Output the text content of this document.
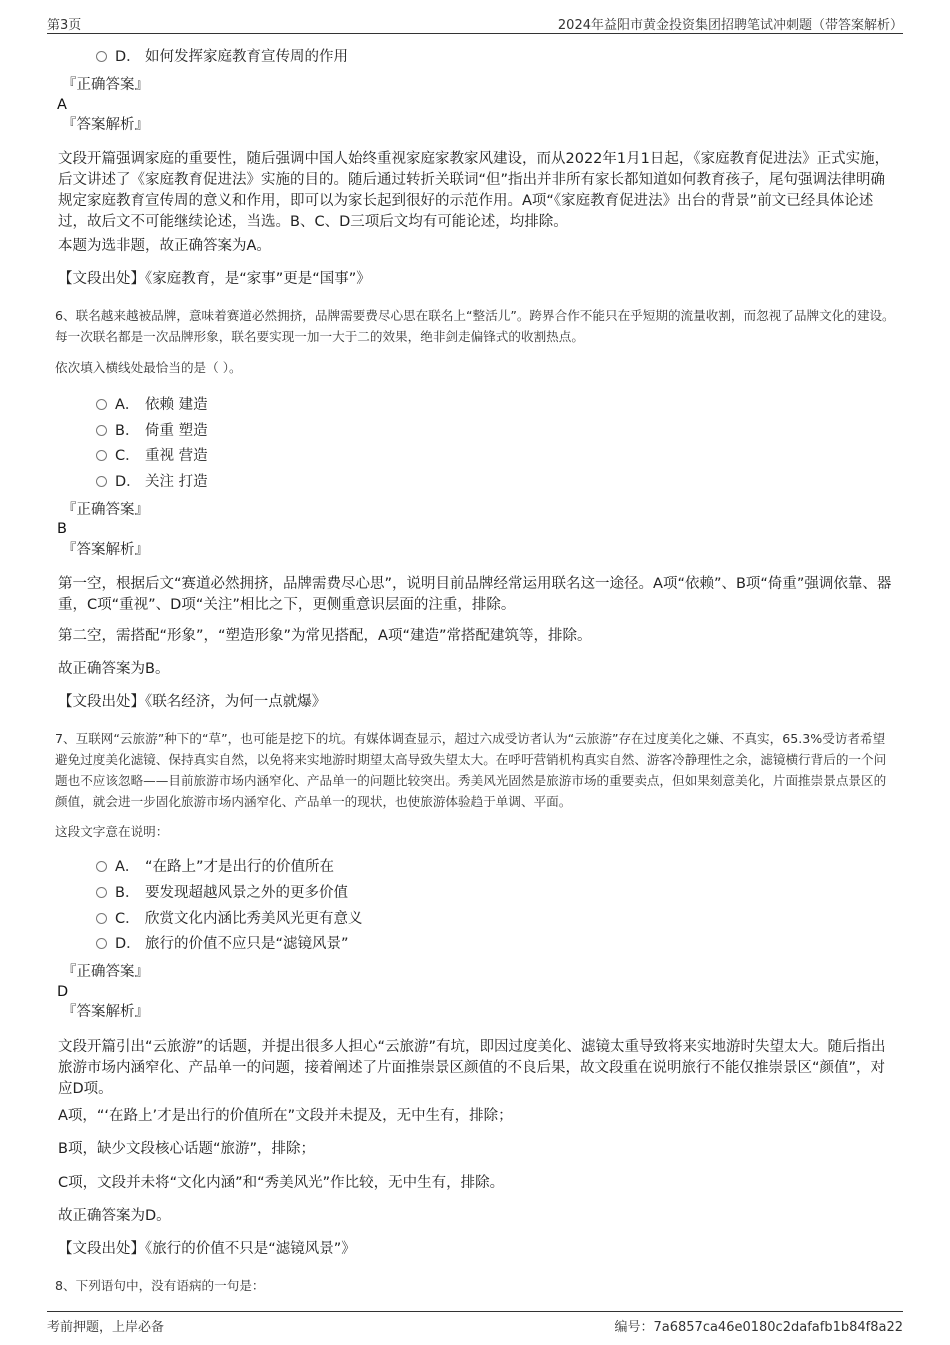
第3页	2024年益阳市黄金投资集团招聘笔试冲刺题（带答案解析）
D． 如何发挥家庭教育宣传周的作用
『正确答案』
A
『答案解析』
文段开篇强调家庭的重要性，随后强调中国人始终重视家庭家教家风建设，而从2022年1月1日起，《家庭教育促进法》正式实施，后文讲述了《家庭教育促进法》实施的目的。随后通过转折关联词“但”指出并非所有家长都知道如何教育孩子，尾句强调法律明确规定家庭教育宣传周的意义和作用，即可以为家长起到很好的示范作用。A项“《家庭教育促进法》出台的背景”前文已经具体论述过，故后文不可能继续论述，当选。B、C、D三项后文均有可能论述，均排除。
本题为选非题，故正确答案为A。
【文段出处】《家庭教育，是“家事”更是“国事”》
6、联名越来越被品牌，意味着赛道必然拥挤，品牌需要费尽心思在联名上“整活儿”。跨界合作不能只在乎短期的流量收割，而忽视了品牌文化的建设。每一次联名都是一次品牌形象，联名要实现一加一大于二的效果，绝非剑走偏锋式的收割热点。
依次填入横线处最恰当的是（ ）。
A． 依赖 建造
B． 倚重 塑造
C． 重视 营造
D． 关注 打造
『正确答案』
B
『答案解析』
第一空，根据后文“赛道必然拥挤，品牌需费尽心思”，说明目前品牌经常运用联名这一途径。A项“依赖”、B项“倚重”强调依靠、器重，C项“重视”、D项“关注”相比之下，更侧重意识层面的注重，排除。
第二空，需搭配“形象”，“塑造形象”为常见搭配，A项“建造”常搭配建筑等，排除。
故正确答案为B。
【文段出处】《联名经济，为何一点就爆》
7、互联网“云旅游”种下的“草”，也可能是挖下的坑。有媒体调查显示，超过六成受访者认为“云旅游”存在过度美化之嫌、不真实，65.3%受访者希望避免过度美化滤镜、保持真实自然，以免将来实地游时期望太高导致失望太大。在呼吁营销机构真实自然、游客冷静理性之余，滤镜横行背后的一个问题也不应该忽略——目前旅游市场内涵窄化、产品单一的问题比较突出。秀美风光固然是旅游市场的重要卖点，但如果刻意美化，片面推崇景点景区的颜值，就会进一步固化旅游市场内涵窄化、产品单一的现状，也使旅游体验趋于单调、平面。
这段文字意在说明：
A． “在路上”才是出行的价值所在
B． 要发现超越风景之外的更多价值
C． 欣赏文化内涵比秀美风光更有意义
D． 旅行的价值不应只是“滤镜风景”
『正确答案』
D
『答案解析』
文段开篇引出“云旅游”的话题，并提出很多人担心“云旅游”有坑，即因过度美化、滤镜太重导致将来实地游时失望太大。随后指出旅游市场内涵窄化、产品单一的问题，接着阐述了片面推崇景区颜值的不良后果，故文段重在说明旅行不能仅推崇景区“颜值”，对应D项。
A项，“‘在路上’才是出行的价值所在”文段并未提及，无中生有，排除；
B项，缺少文段核心话题“旅游”，排除；
C项，文段并未将“文化内涵”和“秀美风光”作比较，无中生有，排除。
故正确答案为D。
【文段出处】《旅行的价值不只是“滤镜风景”》
8、下列语句中，没有语病的一句是：
考前押题，上岸必备	编号：7a6857ca46e0180c2dafafb1b84f8a22
